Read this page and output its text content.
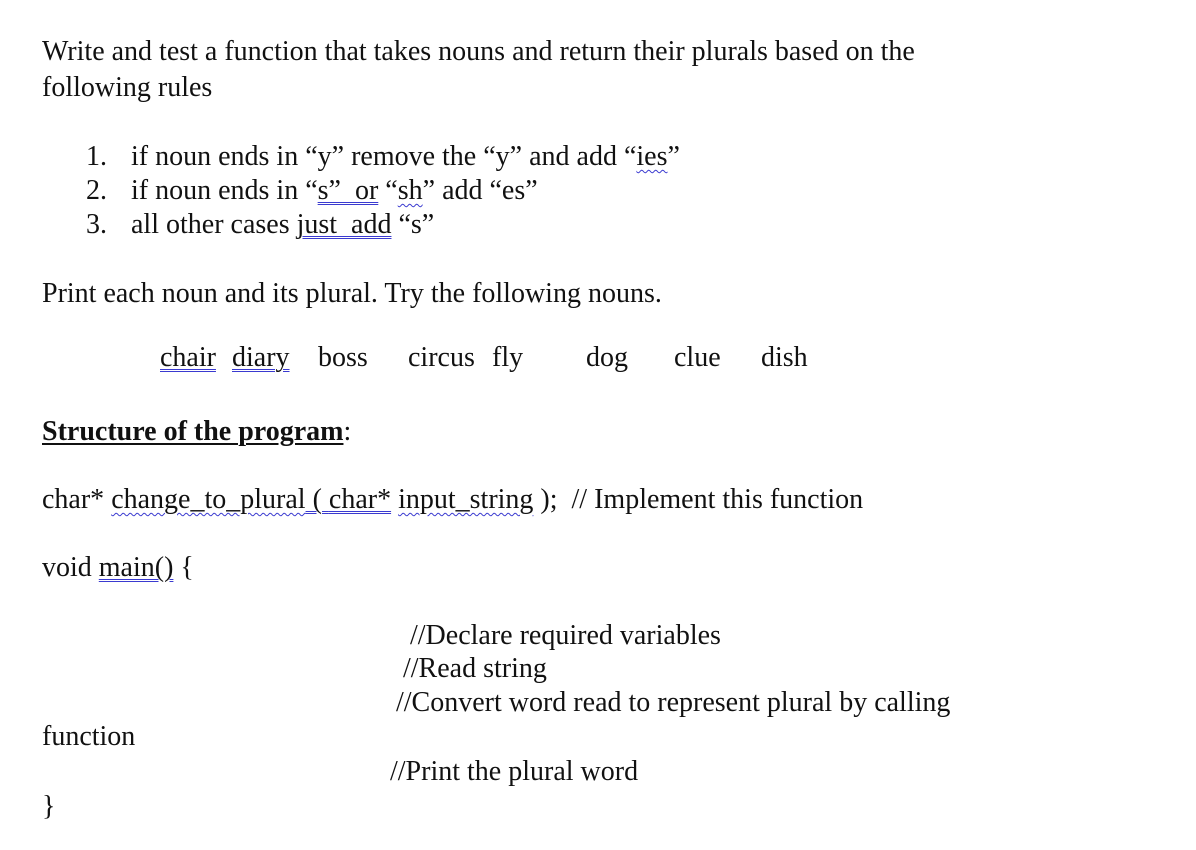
Write and test a function that takes nouns and return their plurals based on the
following rules
1. if noun ends in “y” remove the “y” and add “ies”
2. if noun ends in “s”  or “sh” add “es”
3. all other cases just  add “s”
Print each noun and its plural. Try the following nouns.
chair diary boss circus fly dog clue dish
Structure of the program:
char* change_to_plural ( char* input_string );  // Implement this function
void main() {
//Declare required variables
//Read string
//Convert word read to represent plural by calling
function
//Print the plural word
}
